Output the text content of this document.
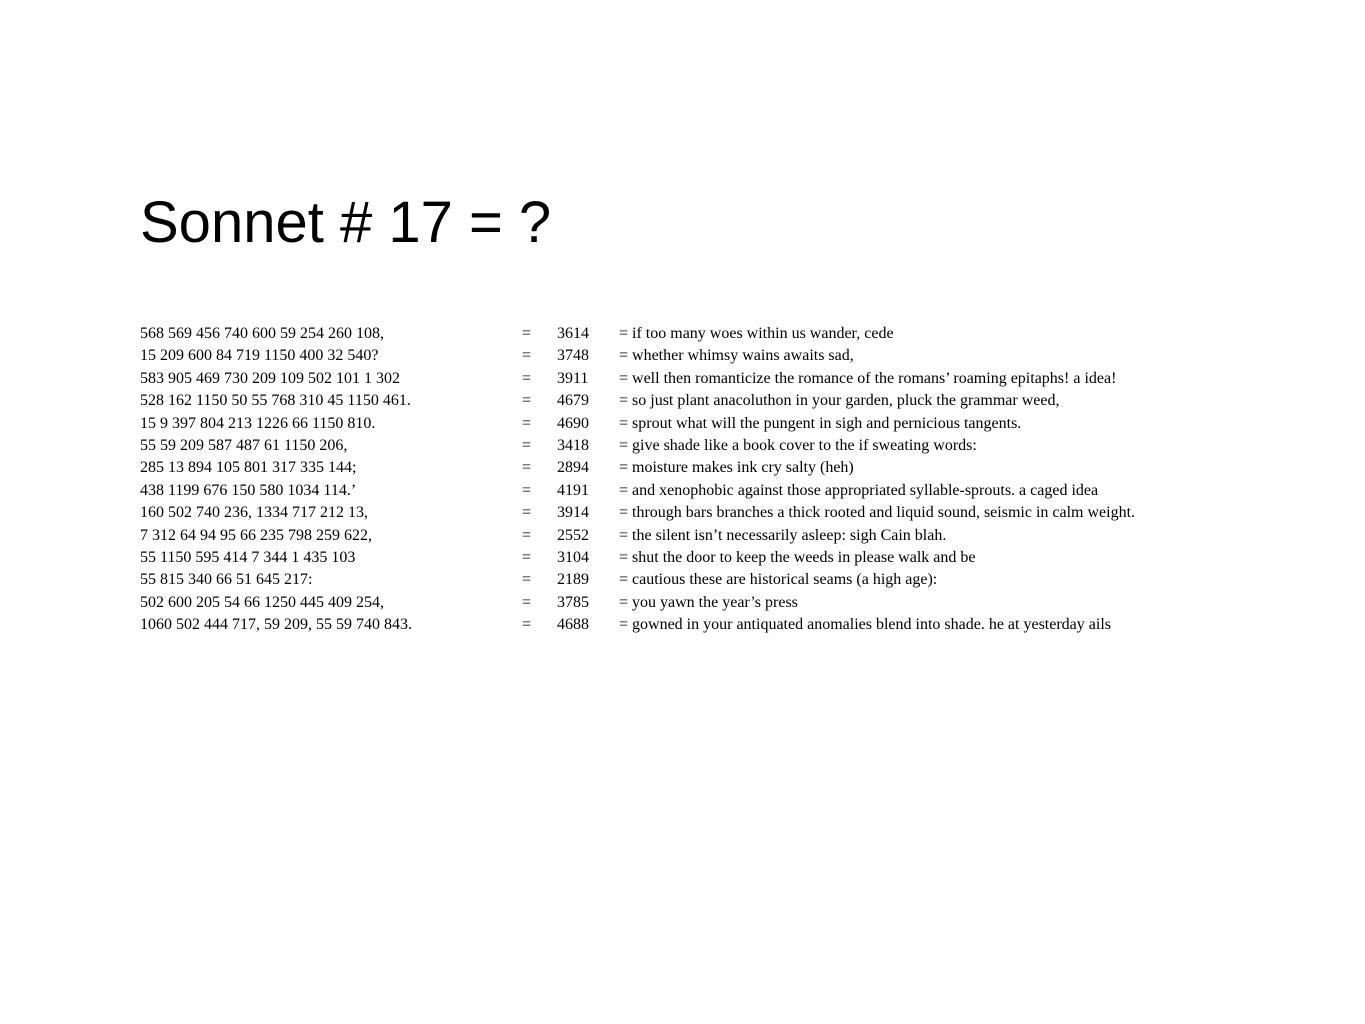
Sonnet # 17 = ?
568 569 456 740 600 59 254 260 108,	= 3614 = if too many woes within us wander, cede
15 209 600 84 719 1150 400 32 540?	= 3748 = whether whimsy wains awaits sad,
583 905 469 730 209 109 502 101 1 302	= 3911 = well then romanticize the romance of the romans’ roaming epitaphs! a idea!
528 162 1150 50 55 768 310 45 1150 461.	= 4679 = so just plant anacoluthon in your garden, pluck the grammar weed,
15 9 397 804 213 1226 66 1150 810.	= 4690 = sprout what will the pungent in sigh and pernicious tangents.
55 59 209 587 487 61 1150 206,	= 3418 = give shade like a book cover to the if sweating words:
285 13 894 105 801 317 335 144;	= 2894 = moisture makes ink cry salty (heh)
438 1199 676 150 580 1034 114.’	= 4191 = and xenophobic against those appropriated syllable-sprouts. a caged idea
160 502 740 236, 1334 717 212 13,	= 3914 = through bars branches a thick rooted and liquid sound, seismic in calm weight.
7 312 64 94 95 66 235 798 259 622,	= 2552 = the silent isn’t necessarily asleep: sigh Cain blah.
55 1150 595 414 7 344 1 435 103	= 3104 = shut the door to keep the weeds in please walk and be
55 815 340 66 51 645 217:	= 2189 = cautious these are historical seams (a high age):
502 600 205 54 66 1250 445 409 254,	= 3785 = you yawn the year’s press
1060 502 444 717, 59 209, 55 59 740 843.	= 4688 = gowned in your antiquated anomalies blend into shade. he at yesterday ails
